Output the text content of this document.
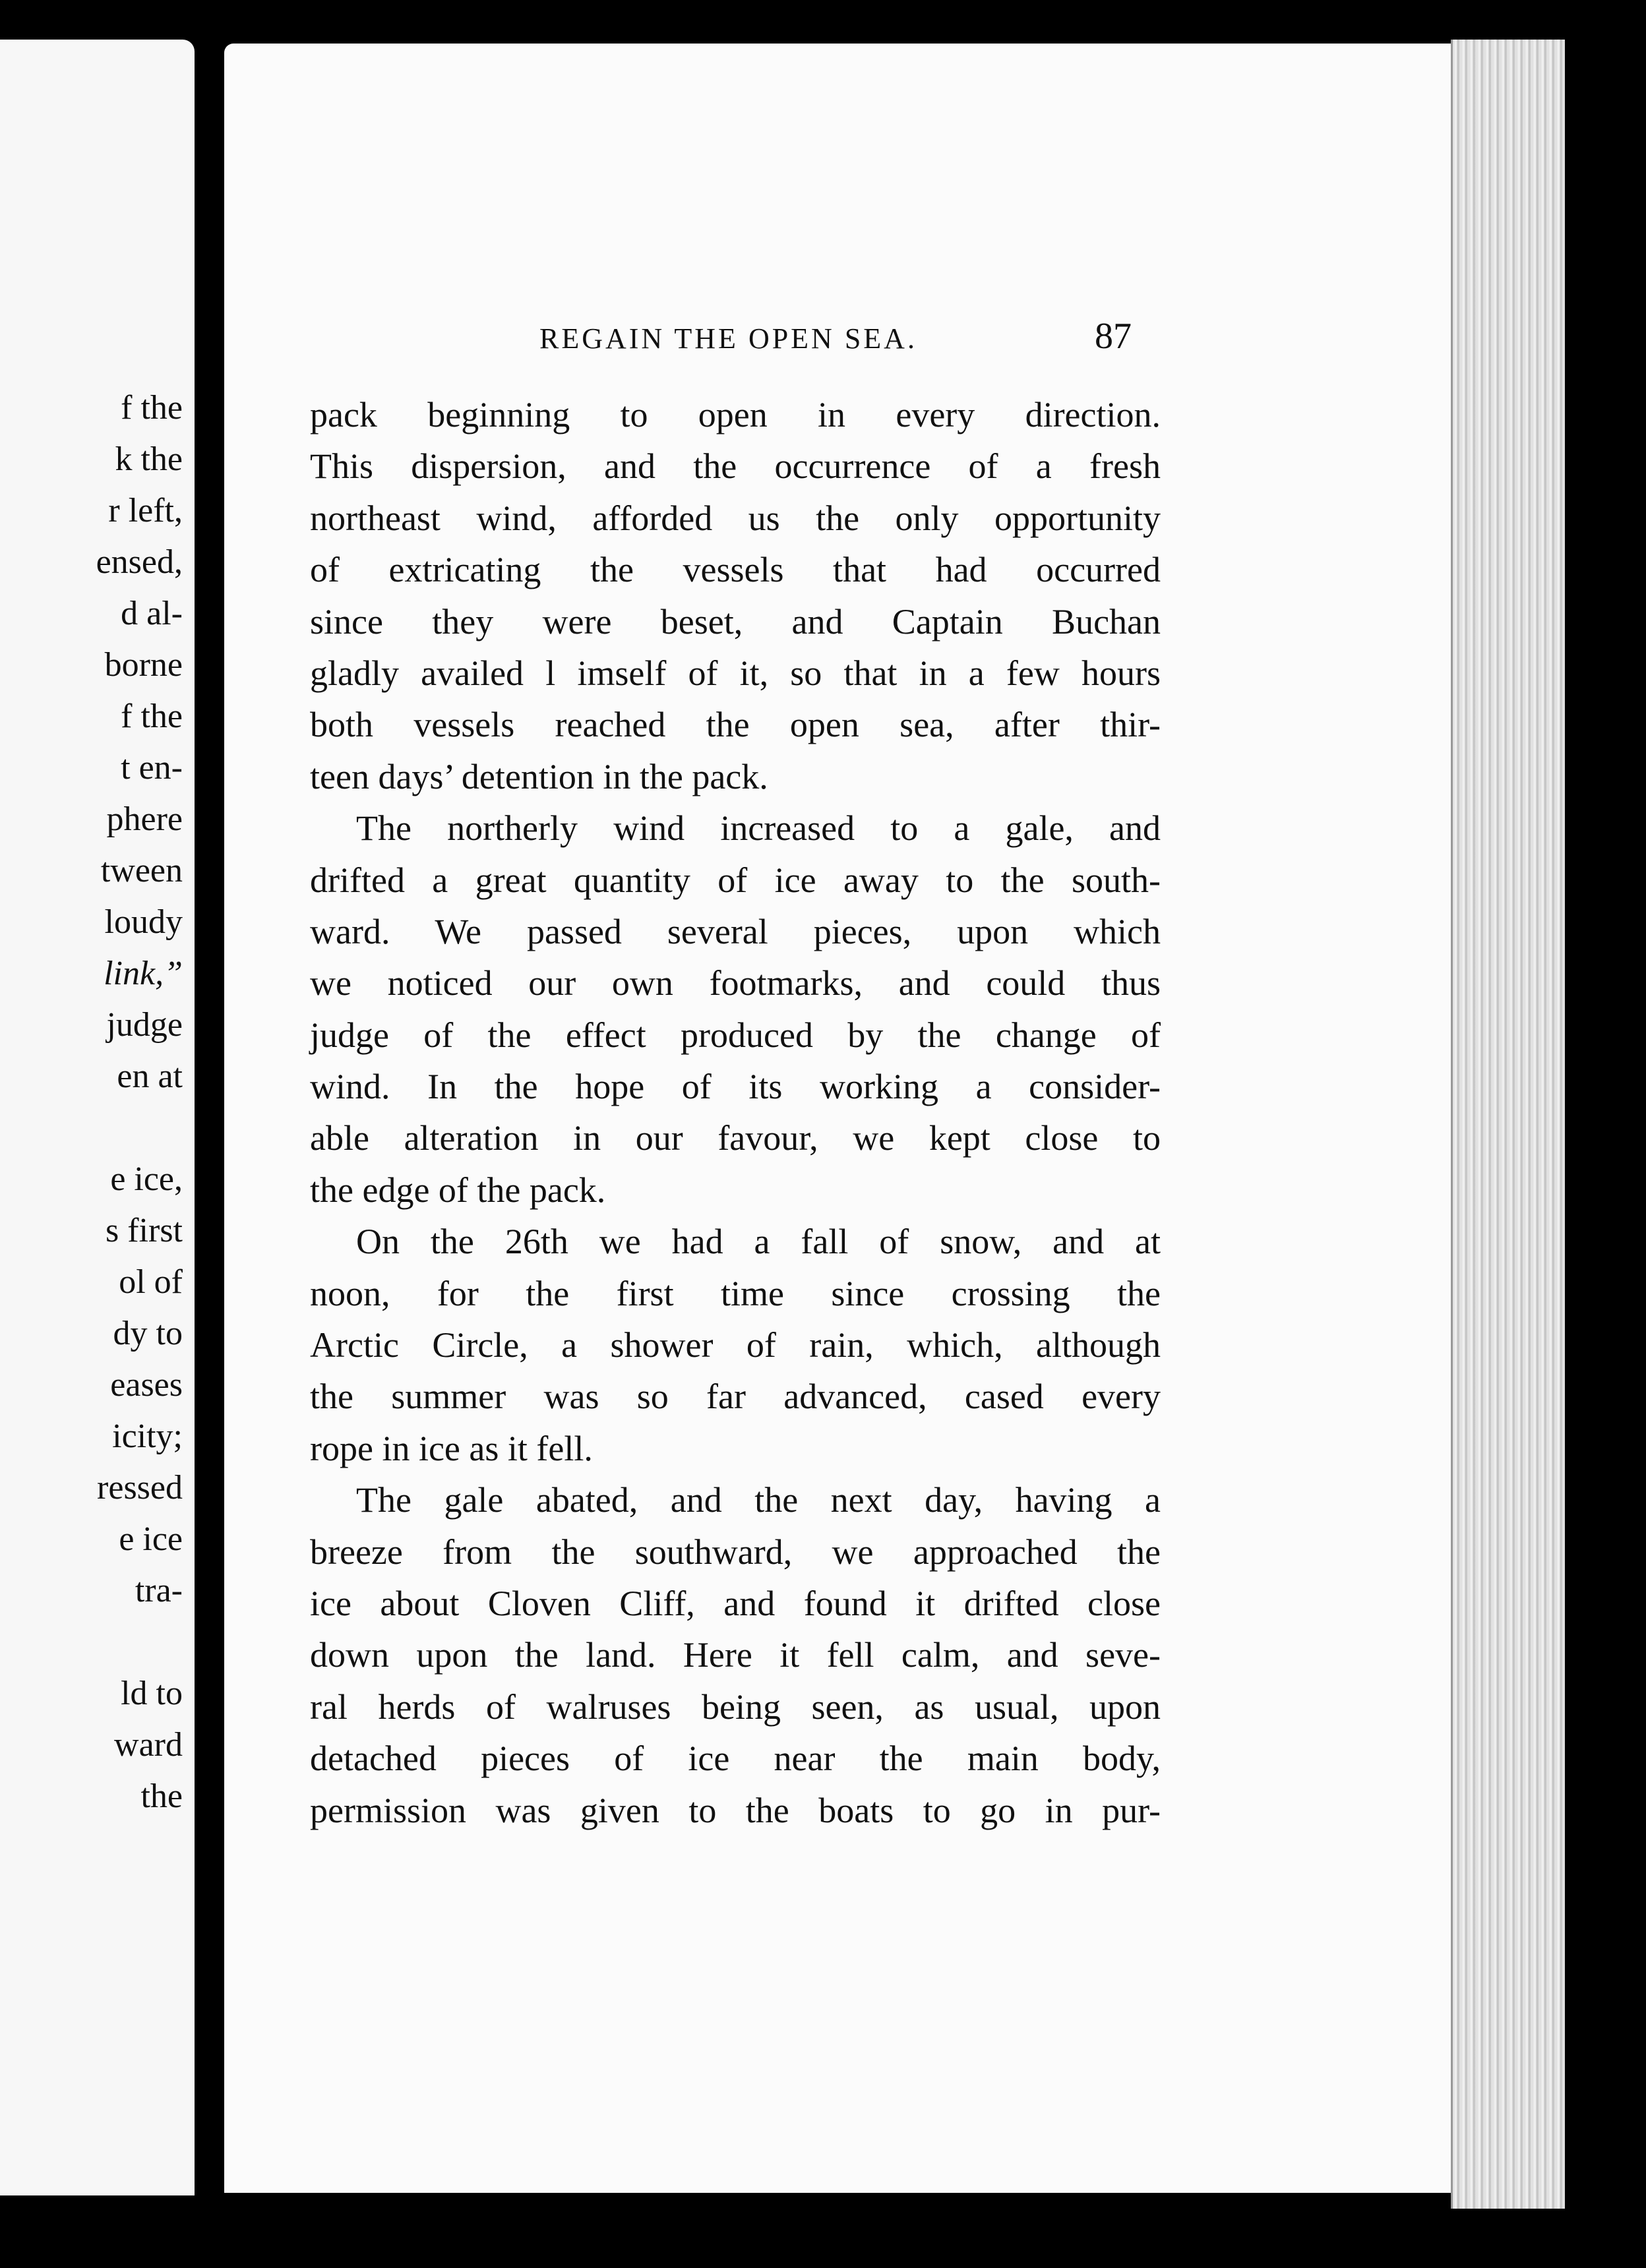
f the
k the
r left,
ensed,
d al-
borne
f the
t en-
phere
tween
loudy
link,”
judge
en at
e ice,
s first
ol of
dy to
eases
icity;
ressed
e ice
tra-
ld to
ward
the
REGAIN THE OPEN SEA.	87
pack beginning to open in every direction.
This dispersion, and the occurrence of a fresh
northeast wind, afforded us the only opportunity
of extricating the vessels that had occurred
since they were beset, and Captain Buchan
gladly availed l imself of it, so that in a few hours
both vessels reached the open sea, after thir-
teen days’ detention in the pack.
The northerly wind increased to a gale, and
drifted a great quantity of ice away to the south-
ward. We passed several pieces, upon which
we noticed our own footmarks, and could thus
judge of the effect produced by the change of
wind. In the hope of its working a consider-
able alteration in our favour, we kept close to
the edge of the pack.
On the 26th we had a fall of snow, and at
noon, for the first time since crossing the
Arctic Circle, a shower of rain, which, although
the summer was so far advanced, cased every
rope in ice as it fell.
The gale abated, and the next day, having a
breeze from the southward, we approached the
ice about Cloven Cliff, and found it drifted close
down upon the land. Here it fell calm, and seve-
ral herds of walruses being seen, as usual, upon
detached pieces of ice near the main body,
permission was given to the boats to go in pur-
